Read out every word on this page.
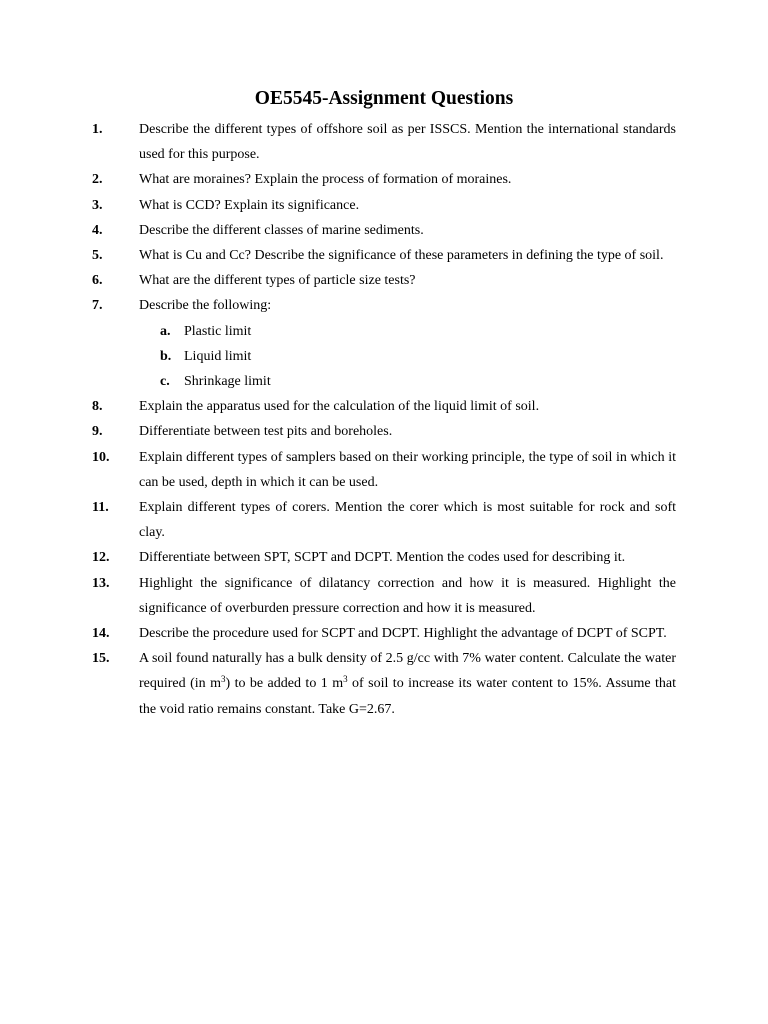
OE5545-Assignment Questions
1.	Describe the different types of offshore soil as per ISSCS. Mention the international standards used for this purpose.
2.	What are moraines? Explain the process of formation of moraines.
3.	What is CCD? Explain its significance.
4.	Describe the different classes of marine sediments.
5.	What is Cu and Cc? Describe the significance of these parameters in defining the type of soil.
6.	What are the different types of particle size tests?
7.	Describe the following:
a. Plastic limit
b. Liquid limit
c.	Shrinkage limit
8.	Explain the apparatus used for the calculation of the liquid limit of soil.
9.	Differentiate between test pits and boreholes.
10.	Explain different types of samplers based on their working principle, the type of soil in which it can be used, depth in which it can be used.
11.	Explain different types of corers. Mention the corer which is most suitable for rock and soft clay.
12.	Differentiate between SPT, SCPT and DCPT. Mention the codes used for describing it.
13.	Highlight the significance of dilatancy correction and how it is measured. Highlight the significance of overburden pressure correction and how it is measured.
14.	Describe the procedure used for SCPT and DCPT. Highlight the advantage of DCPT of SCPT.
15.	A soil found naturally has a bulk density of 2.5 g/cc with 7% water content. Calculate the water required (in $m^3$) to be added to 1 $m^3$ of soil to increase its water content to 15%. Assume that the void ratio remains constant. Take G=2.67.
